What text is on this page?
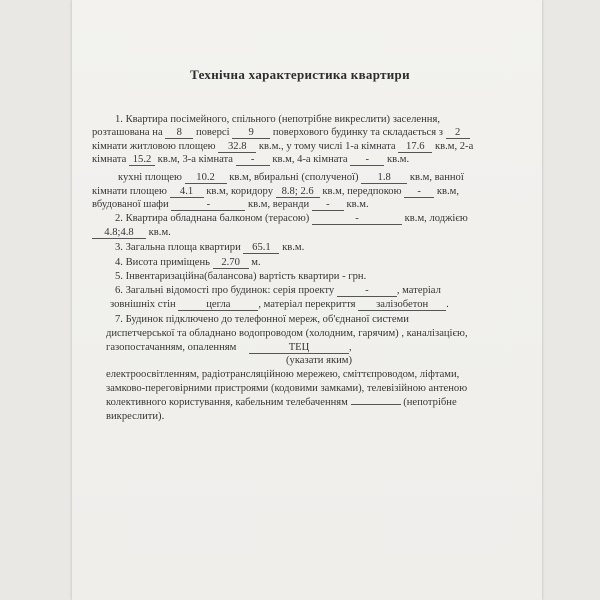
Технічна характеристика квартири
1. Квартира посімейного, спільного (непотрібне викреслити) заселення,
розташована на 8 поверсі 9 поверхового будинку та складається з 2
кімнати житловою площею 32.8 кв.м., у тому числі 1-а кімната 17.6 кв.м, 2-а
кімната 15.2 кв.м, 3-а кімната - кв.м, 4-а кімната - кв.м.
кухні площею 10.2 кв.м, вбиральні (сполученої) 1.8 кв.м, ванної
кімнати площею 4.1 кв.м, коридору 8.8; 2.6 кв.м, передпокою - кв.м,
вбудованої шафи	-	кв.м, веранди - кв.м.
2. Квартира обладнана балконом (терасою)	-	кв.м, лоджією
4.8;4.8 кв.м.
3. Загальна площа квартири 65.1 кв.м.
4. Висота приміщень 2.70 м.
5. Інвентаризаційна(балансова) вартість квартири - грн.
6. Загальні відомості про будинок: серія проекту	-	, матеріал
зовнішніх стін	цегла	, матеріал перекриття залізобетон .
7. Будинок підключено до телефонної мереж, об'єднаної системи
диспетчерської та обладнано водопроводом (холодним, гарячим) , каналізацією,
газопостачанням, опаленням	ТЕЦ	,
(указати яким)
електроосвітленням, радіотрансляційною мережею, сміттєпроводом, ліфтами,
замково-переговірними пристроями (кодовими замками), телевізійною антеною
колективного користування, кабельним телебаченням	(непотрібне
викреслити).
